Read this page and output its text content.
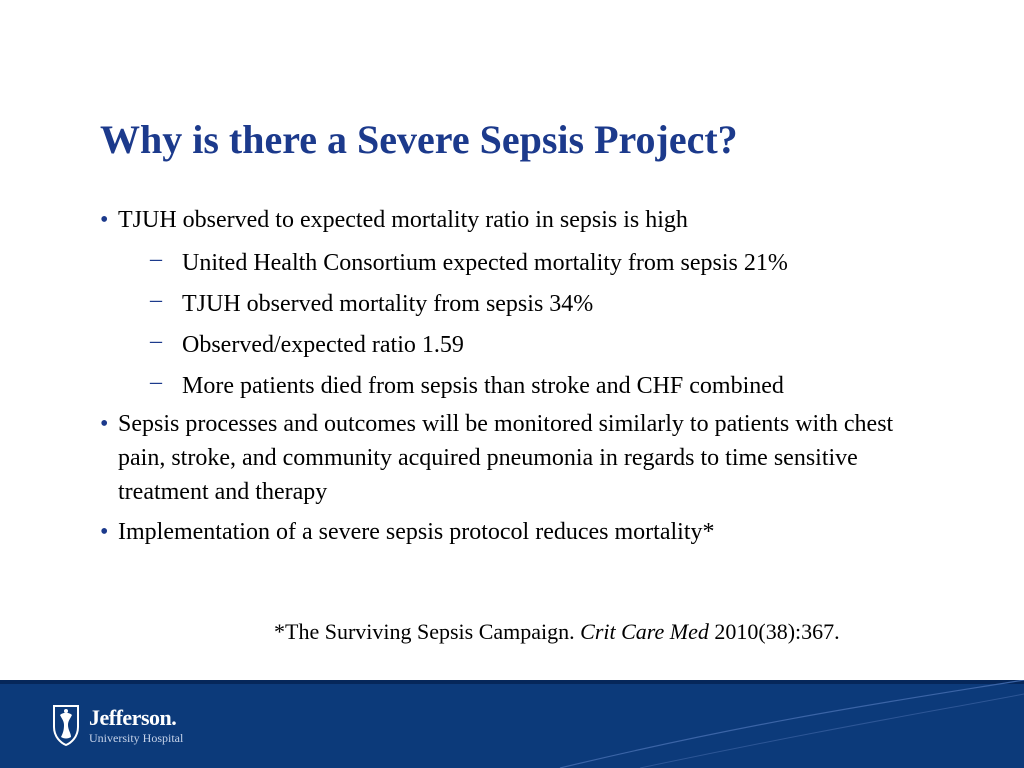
Why is there a Severe Sepsis Project?
• TJUH observed to expected mortality ratio in sepsis is high
– United Health Consortium expected mortality from sepsis 21%
– TJUH observed mortality from sepsis 34%
– Observed/expected ratio 1.59
– More patients died from sepsis than stroke and CHF combined
• Sepsis processes and outcomes will be monitored similarly to patients with chest pain, stroke, and community acquired pneumonia in regards to time sensitive treatment and therapy
• Implementation of a severe sepsis protocol reduces mortality*
*The Surviving Sepsis Campaign. Crit Care Med 2010(38):367.
Jefferson.
University Hospital
